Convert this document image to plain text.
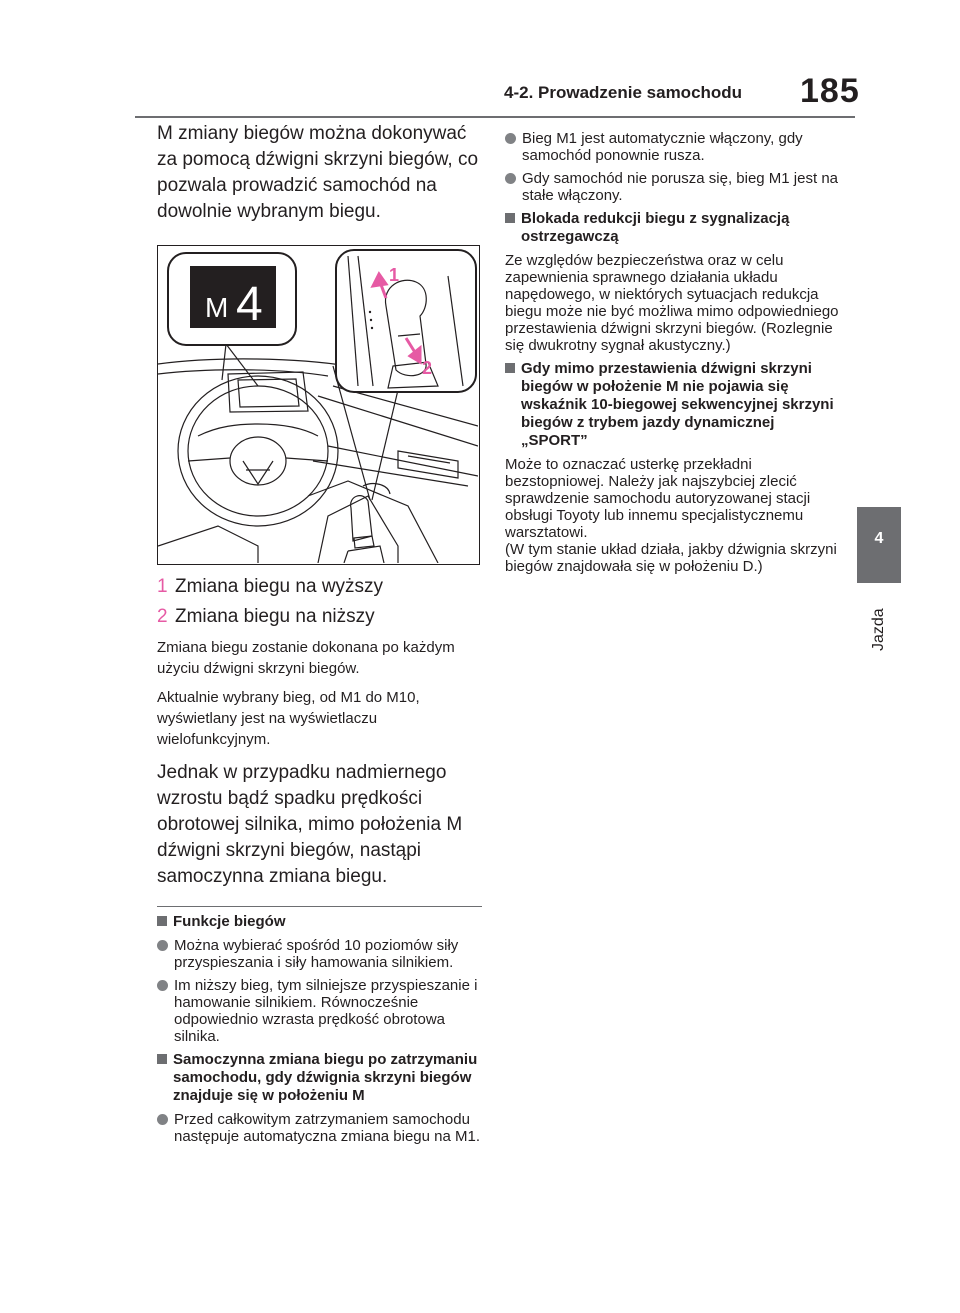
4-2. Prowadzenie samochodu 185
4
Jazda

M zmiany biegów można dokonywać za pomocą dźwigni skrzyni biegów, co pozwala prowadzić samochód na dowolnie wybranym biegu.

M 4
1
2
1 Zmiana biegu na wyższy
2 Zmiana biegu na niższy

Zmiana biegu zostanie dokonana po każdym użyciu dźwigni skrzyni biegów.

Aktualnie wybrany bieg, od M1 do M10, wyświetlany jest na wyświetlaczu wielofunkcyjnym.

Jednak w przypadku nadmiernego wzrostu bądź spadku prędkości obrotowej silnika, mimo położenia M dźwigni skrzyni biegów, nastąpi samoczynna zmiana biegu.

Funkcje biegów
Można wybierać spośród 10 poziomów siły przyspieszania i siły hamowania silnikiem.
Im niższy bieg, tym silniejsze przyspieszanie i hamowanie silnikiem. Równocześnie odpowiednio wzrasta prędkość obrotowa silnika.
Samoczynna zmiana biegu po zatrzymaniu samochodu, gdy dźwignia skrzyni biegów znajduje się w położeniu M
Przed całkowitym zatrzymaniem samochodu następuje automatyczna zmiana biegu na M1.
Bieg M1 jest automatycznie włączony, gdy samochód ponownie rusza.
Gdy samochód nie porusza się, bieg M1 jest na stałe włączony.
Blokada redukcji biegu z sygnalizacją ostrzegawczą

Ze względów bezpieczeństwa oraz w celu zapewnienia sprawnego działania układu napędowego, w niektórych sytuacjach redukcja biegu może nie być możliwa mimo odpowiedniego przestawienia dźwigni skrzyni biegów. (Rozlegnie się dwukrotny sygnał akustyczny.)

Gdy mimo przestawienia dźwigni skrzyni biegów w położenie M nie pojawia się wskaźnik 10-biegowej sekwencyjnej skrzyni biegów z trybem jazdy dynamicznej „SPORT”

Może to oznaczać usterkę przekładni bezstopniowej. Należy jak najszybciej zlecić sprawdzenie samochodu autoryzowanej stacji obsługi Toyoty lub innemu specjalistycznemu warsztatowi.

(W tym stanie układ działa, jakby dźwignia skrzyni biegów znajdowała się w położeniu D.)
